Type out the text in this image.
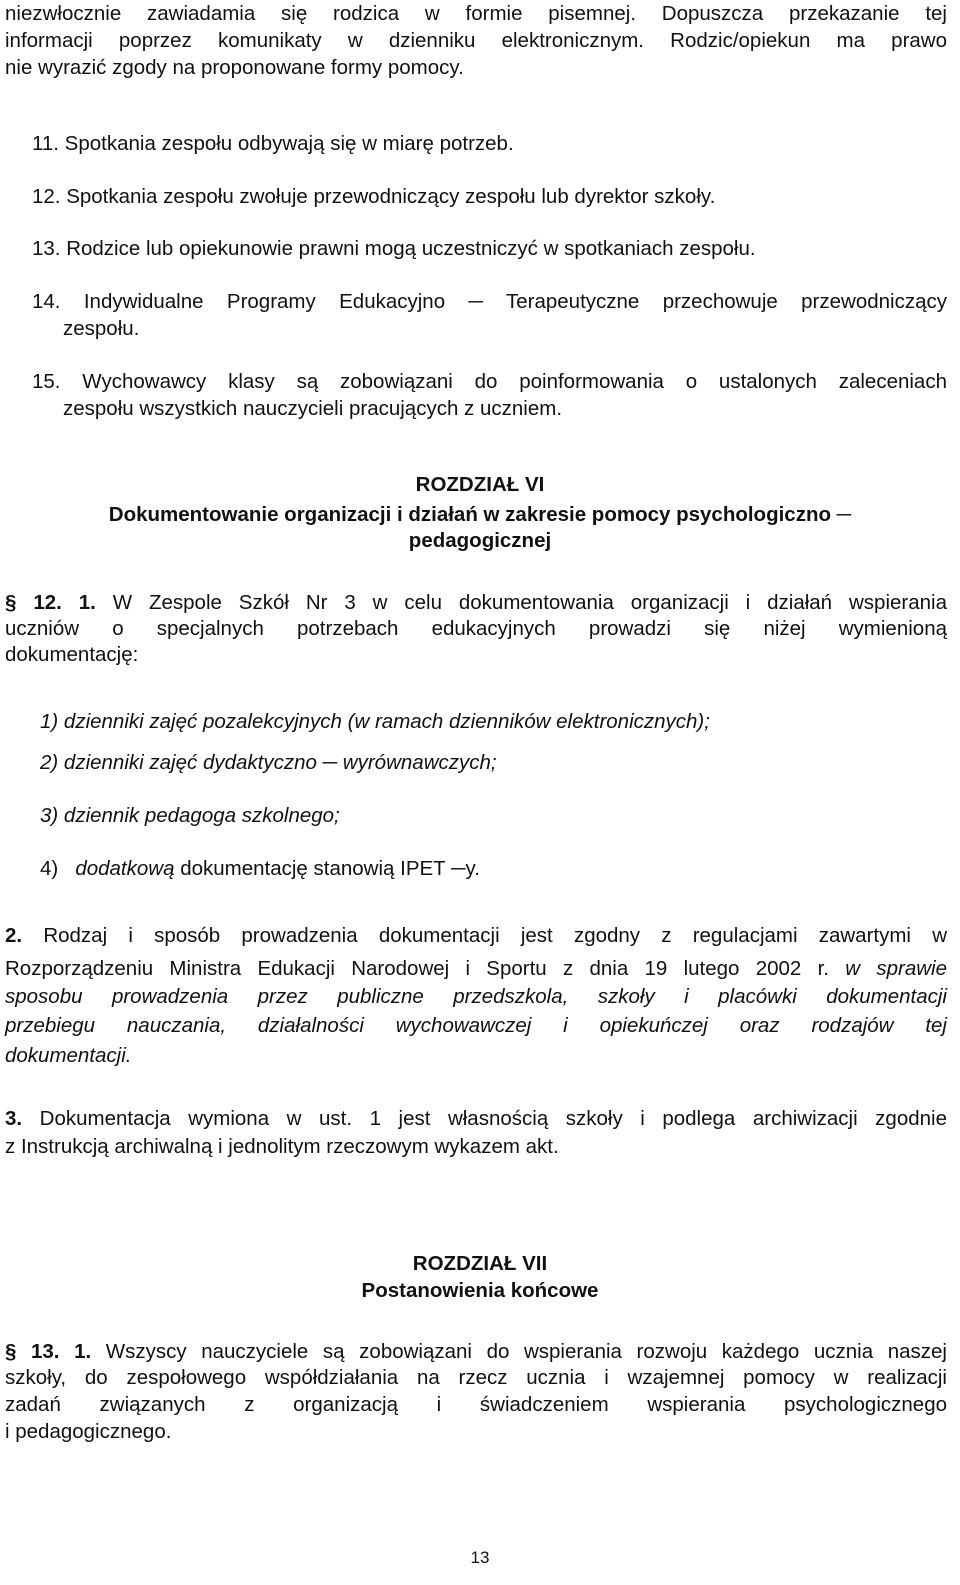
niezwłocznie zawiadamia się rodzica w formie pisemnej. Dopuszcza przekazanie tej
informacji poprzez komunikaty w dzienniku elektronicznym. Rodzic/opiekun ma prawo
nie wyrazić zgody na proponowane formy pomocy.
11. Spotkania zespołu odbywają się w miarę potrzeb.
12. Spotkania zespołu zwołuje przewodniczący zespołu lub dyrektor szkoły.
13. Rodzice lub opiekunowie prawni mogą uczestniczyć w spotkaniach zespołu.
14. Indywidualne Programy Edukacyjno ─ Terapeutyczne przechowuje przewodniczący
zespołu.
15. Wychowawcy klasy są zobowiązani do poinformowania o ustalonych zaleceniach
zespołu wszystkich nauczycieli pracujących z uczniem.
ROZDZIAŁ VI
Dokumentowanie organizacji i działań w zakresie pomocy psychologiczno ─
pedagogicznej
§ 12. 1. W Zespole Szkół Nr 3 w celu dokumentowania organizacji i działań wspierania
uczniów o specjalnych potrzebach edukacyjnych prowadzi się niżej wymienioną
dokumentację:
1) dzienniki zajęć pozalekcyjnych (w ramach dzienników elektronicznych);
2) dzienniki zajęć dydaktyczno ─ wyrównawczych;
3) dziennik pedagoga szkolnego;
4)   dodatkową dokumentację stanowią IPET ─y.
2. Rodzaj i sposób prowadzenia dokumentacji jest zgodny z regulacjami zawartymi w
Rozporządzeniu Ministra Edukacji Narodowej i Sportu z dnia 19 lutego 2002 r. w sprawie
sposobu prowadzenia przez publiczne przedszkola, szkoły i placówki dokumentacji
przebiegu nauczania, działalności wychowawczej i opiekuńczej oraz rodzajów tej
dokumentacji.
3. Dokumentacja wymiona w ust. 1 jest własnością szkoły i podlega archiwizacji zgodnie
z Instrukcją archiwalną i jednolitym rzeczowym wykazem akt.
ROZDZIAŁ VII
Postanowienia końcowe
§ 13. 1. Wszyscy nauczyciele są zobowiązani do wspierania rozwoju każdego ucznia naszej
szkoły, do zespołowego współdziałania na rzecz ucznia i wzajemnej pomocy w realizacji
zadań związanych z organizacją i świadczeniem wspierania psychologicznego
i pedagogicznego.
13
